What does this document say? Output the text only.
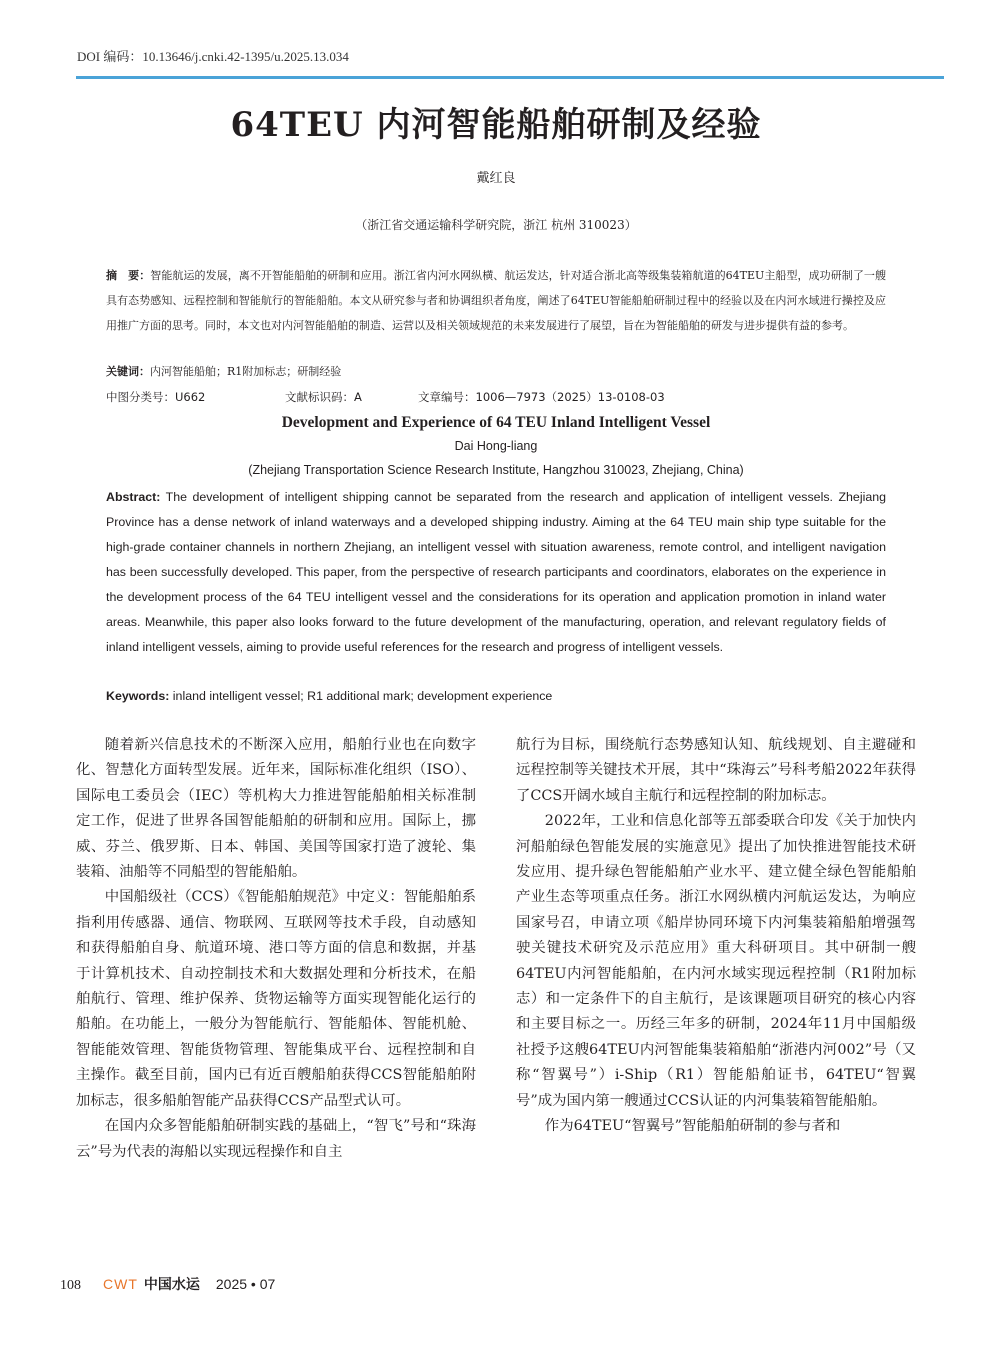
DOI 编码：10.13646/j.cnki.42-1395/u.2025.13.034
64TEU 内河智能船舶研制及经验
戴红良
（浙江省交通运输科学研究院，浙江 杭州 310023）
摘　要：智能航运的发展，离不开智能船舶的研制和应用。浙江省内河水网纵横、航运发达，针对适合浙北高等级集装箱航道的64TEU主船型，成功研制了一艘具有态势感知、远程控制和智能航行的智能船舶。本文从研究参与者和协调组织者角度，阐述了64TEU智能船舶研制过程中的经验以及在内河水域进行操控及应用推广方面的思考。同时，本文也对内河智能船舶的制造、运营以及相关领域规范的未来发展进行了展望，旨在为智能船舶的研发与进步提供有益的参考。
关键词：内河智能船舶；R1附加标志；研制经验
中图分类号：U662	文献标识码：A	文章编号：1006—7973（2025）13-0108-03
Development and Experience of 64 TEU Inland Intelligent Vessel
Dai Hong-liang
(Zhejiang Transportation Science Research Institute, Hangzhou 310023, Zhejiang, China)
Abstract: The development of intelligent shipping cannot be separated from the research and application of intelligent vessels. Zhejiang Province has a dense network of inland waterways and a developed shipping industry. Aiming at the 64 TEU main ship type suitable for the high-grade container channels in northern Zhejiang, an intelligent vessel with situation awareness, remote control, and intelligent navigation has been successfully developed. This paper, from the perspective of research participants and coordinators, elaborates on the experience in the development process of the 64 TEU intelligent vessel and the considerations for its operation and application promotion in inland water areas. Meanwhile, this paper also looks forward to the future development of the manufacturing, operation, and relevant regulatory fields of inland intelligent vessels, aiming to provide useful references for the research and progress of intelligent vessels.
Keywords: inland intelligent vessel; R1 additional mark; development experience

随着新兴信息技术的不断深入应用，船舶行业也在向数字化、智慧化方面转型发展。近年来，国际标准化组织（ISO）、国际电工委员会（IEC）等机构大力推进智能船舶相关标准制定工作，促进了世界各国智能船舶的研制和应用。国际上，挪威、芬兰、俄罗斯、日本、韩国、美国等国家打造了渡轮、集装箱、油船等不同船型的智能船舶。

中国船级社（CCS）《智能船舶规范》中定义：智能船舶系指利用传感器、通信、物联网、互联网等技术手段，自动感知和获得船舶自身、航道环境、港口等方面的信息和数据，并基于计算机技术、自动控制技术和大数据处理和分析技术，在船舶航行、管理、维护保养、货物运输等方面实现智能化运行的船舶。在功能上，一般分为智能航行、智能船体、智能机舱、智能能效管理、智能货物管理、智能集成平台、远程控制和自主操作。截至目前，国内已有近百艘船舶获得CCS智能船舶附加标志，很多船舶智能产品获得CCS产品型式认可。

在国内众多智能船舶研制实践的基础上，“智飞”号和“珠海云”号为代表的海船以实现远程操作和自主

航行为目标，围绕航行态势感知认知、航线规划、自主避碰和远程控制等关键技术开展，其中“珠海云”号科考船2022年获得了CCS开阔水域自主航行和远程控制的附加标志。

2022年，工业和信息化部等五部委联合印发《关于加快内河船舶绿色智能发展的实施意见》提出了加快推进智能技术研发应用、提升绿色智能船舶产业水平、建立健全绿色智能船舶产业生态等项重点任务。浙江水网纵横内河航运发达，为响应国家号召，申请立项《船岸协同环境下内河集装箱船舶增强驾驶关键技术研究及示范应用》重大科研项目。其中研制一艘64TEU内河智能船舶，在内河水域实现远程控制（R1附加标志）和一定条件下的自主航行，是该课题项目研究的核心内容和主要目标之一。历经三年多的研制，2024年11月中国船级社授予这艘64TEU内河智能集装箱船舶“浙港内河002”号（又称“智翼号”）i-Ship（R1）智能船舶证书，64TEU“智翼号”成为国内第一艘通过CCS认证的内河集装箱智能船舶。

作为64TEU“智翼号”智能船舶研制的参与者和

108 CWT 中国水运 2025 • 07
